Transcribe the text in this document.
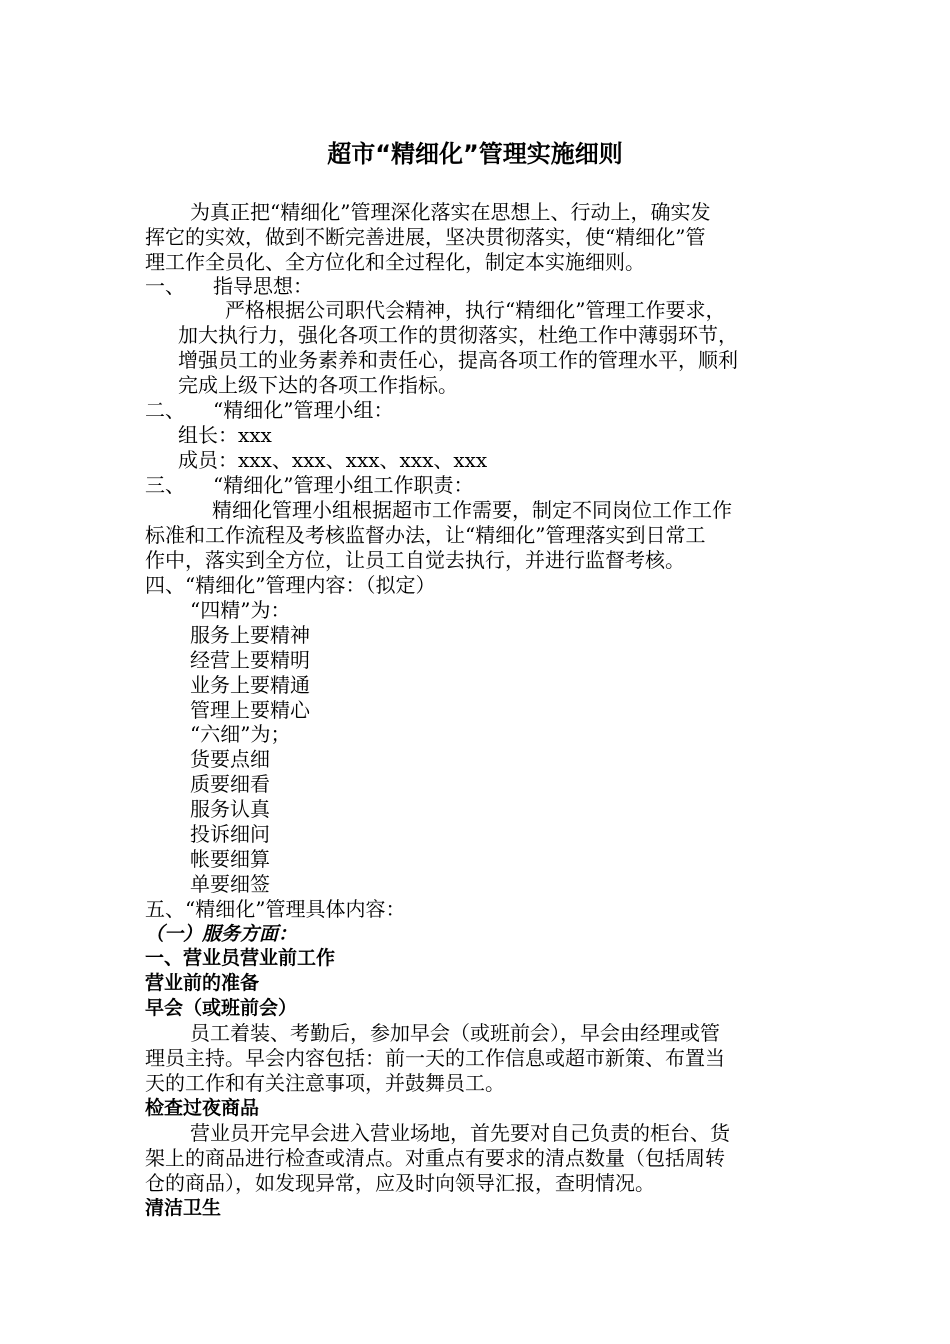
超市“精细化”管理实施细则
为真正把“精细化”管理深化落实在思想上、行动上，确实发
挥它的实效，做到不断完善进展，坚决贯彻落实，使“精细化”管
理工作全员化、全方位化和全过程化，制定本实施细则。
一、 指导思想：
严格根据公司职代会精神，执行“精细化”管理工作要求，
加大执行力，强化各项工作的贯彻落实，杜绝工作中薄弱环节，
增强员工的业务素养和责任心，提高各项工作的管理水平，顺利
完成上级下达的各项工作指标。
二、 “精细化”管理小组：
组长：xxx
成员：xxx、xxx、xxx、xxx、xxx
三、 “精细化”管理小组工作职责：
精细化管理小组根据超市工作需要，制定不同岗位工作工作
标准和工作流程及考核监督办法，让“精细化”管理落实到日常工
作中，落实到全方位，让员工自觉去执行，并进行监督考核。
四、“精细化”管理内容：（拟定）
“四精”为：
服务上要精神
经营上要精明
业务上要精通
管理上要精心
“六细”为；
货要点细
质要细看
服务认真
投诉细问
帐要细算
单要细签
五、“精细化”管理具体内容：
（一）服务方面：
一、营业员营业前工作
营业前的准备
早会（或班前会）
员工着装、考勤后，参加早会（或班前会），早会由经理或管
理员主持。早会内容包括：前一天的工作信息或超市新策、布置当
天的工作和有关注意事项，并鼓舞员工。
检查过夜商品
营业员开完早会进入营业场地，首先要对自己负责的柜台、货
架上的商品进行检查或清点。对重点有要求的清点数量（包括周转
仓的商品），如发现异常，应及时向领导汇报，查明情况。
清洁卫生
